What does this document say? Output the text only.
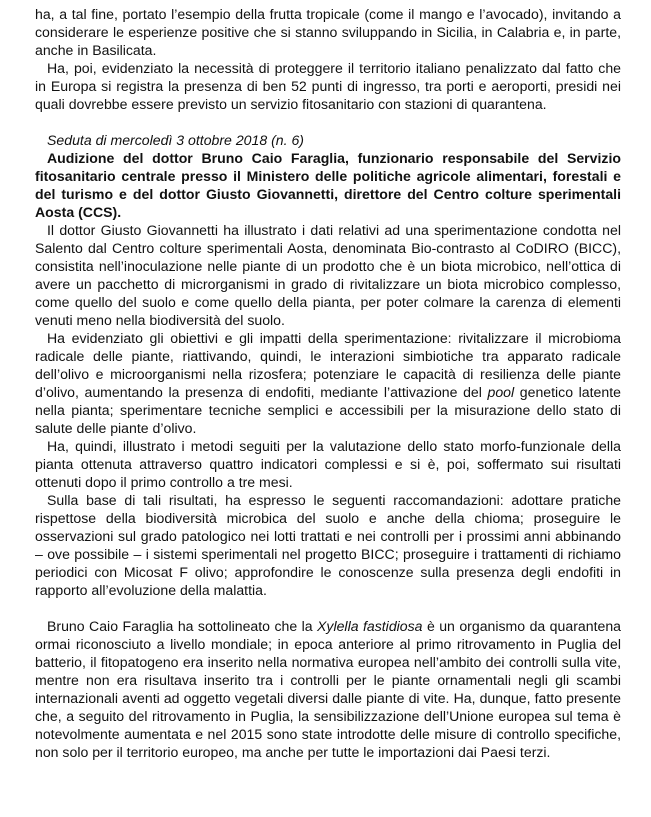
ha, a tal fine, portato l’esempio della frutta tropicale (come il mango e l’avocado), invitando a considerare le esperienze positive che si stanno sviluppando in Sicilia, in Calabria e, in parte, anche in Basilicata.

Ha, poi, evidenziato la necessità di proteggere il territorio italiano penalizzato dal fatto che in Europa si registra la presenza di ben 52 punti di ingresso, tra porti e aeroporti, presidi nei quali dovrebbe essere previsto un servizio fitosanitario con stazioni di quarantena.

Seduta di mercoledì 3 ottobre 2018 (n. 6)

Audizione del dottor Bruno Caio Faraglia, funzionario responsabile del Servizio fitosanitario centrale presso il Ministero delle politiche agricole alimentari, forestali e del turismo e del dottor Giusto Giovannetti, direttore del Centro colture sperimentali Aosta (CCS).

Il dottor Giusto Giovannetti ha illustrato i dati relativi ad una sperimentazione condotta nel Salento dal Centro colture sperimentali Aosta, denominata Bio-contrasto al CoDIRO (BICC), consistita nell’inoculazione nelle piante di un prodotto che è un biota microbico, nell’ottica di avere un pacchetto di microrganismi in grado di rivitalizzare un biota microbico complesso, come quello del suolo e come quello della pianta, per poter colmare la carenza di elementi venuti meno nella biodiversità del suolo.

Ha evidenziato gli obiettivi e gli impatti della sperimentazione: rivitalizzare il microbioma radicale delle piante, riattivando, quindi, le interazioni simbiotiche tra apparato radicale dell’olivo e microorganismi nella rizosfera; potenziare le capacità di resilienza delle piante d’olivo, aumentando la presenza di endofiti, mediante l’attivazione del pool genetico latente nella pianta; sperimentare tecniche semplici e accessibili per la misurazione dello stato di salute delle piante d’olivo.

Ha, quindi, illustrato i metodi seguiti per la valutazione dello stato morfo-funzionale della pianta ottenuta attraverso quattro indicatori complessi e si è, poi, soffermato sui risultati ottenuti dopo il primo controllo a tre mesi.

Sulla base di tali risultati, ha espresso le seguenti raccomandazioni: adottare pratiche rispettose della biodiversità microbica del suolo e anche della chioma; proseguire le osservazioni sul grado patologico nei lotti trattati e nei controlli per i prossimi anni abbinando – ove possibile – i sistemi sperimentali nel progetto BICC; proseguire i trattamenti di richiamo periodici con Micosat F olivo; approfondire le conoscenze sulla presenza degli endofiti in rapporto all’evoluzione della malattia.

Bruno Caio Faraglia ha sottolineato che la Xylella fastidiosa è un organismo da quarantena ormai riconosciuto a livello mondiale; in epoca anteriore al primo ritrovamento in Puglia del batterio, il fitopatogeno era inserito nella normativa europea nell’ambito dei controlli sulla vite, mentre non era risultava inserito tra i controlli per le piante ornamentali negli gli scambi internazionali aventi ad oggetto vegetali diversi dalle piante di vite. Ha, dunque, fatto presente che, a seguito del ritrovamento in Puglia, la sensibilizzazione dell’Unione europea sul tema è notevolmente aumentata e nel 2015 sono state introdotte delle misure di controllo specifiche, non solo per il territorio europeo, ma anche per tutte le importazioni dai Paesi terzi.
